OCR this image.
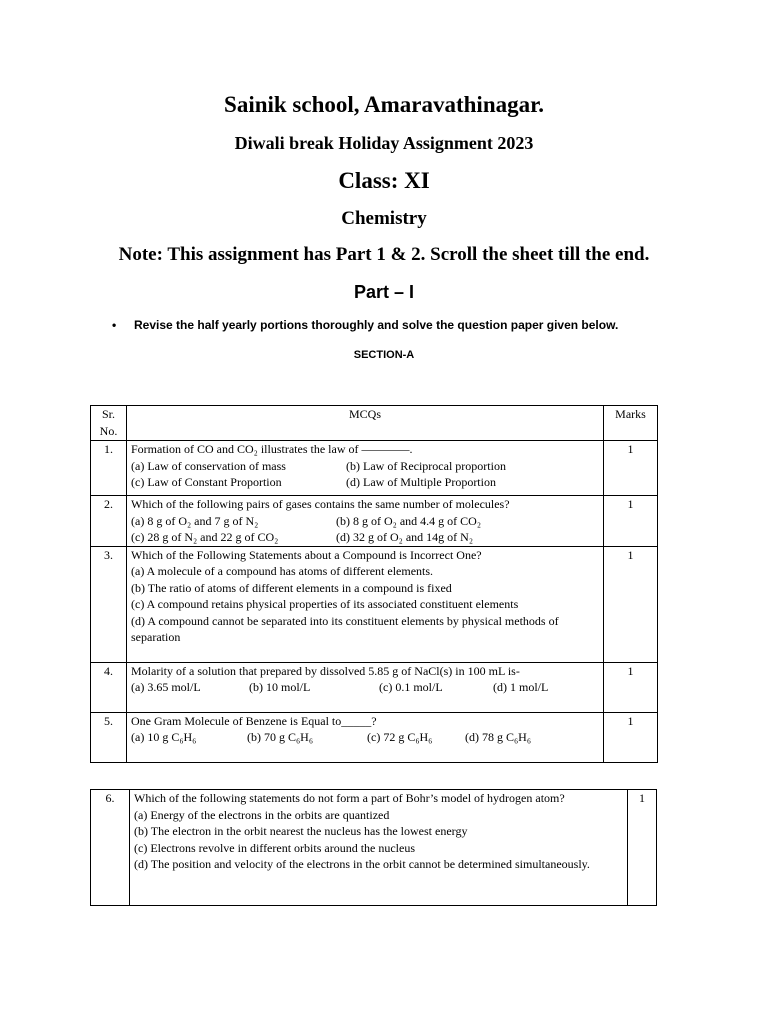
Sainik school, Amaravathinagar.
Diwali break Holiday Assignment 2023
Class: XI
Chemistry
Note: This assignment has Part 1 & 2. Scroll the sheet till the end.
Part – I
• Revise the half yearly portions thoroughly and solve the question paper given below.
SECTION-A
Sr. No.	MCQs	Marks
1.	Formation of CO and CO₂ illustrates the law of ————.
(a) Law of conservation of mass (b) Law of Reciprocal proportion
(c) Law of Constant Proportion (d) Law of Multiple Proportion	1
2.	Which of the following pairs of gases contains the same number of molecules?
(a) 8 g of O₂ and 7 g of N₂ (b) 8 g of O₂ and 4.4 g of CO₂
(c) 28 g of N₂ and 22 g of CO₂ (d) 32 g of O₂ and 14g of N₂	1
3.	Which of the Following Statements about a Compound is Incorrect One?
(a) A molecule of a compound has atoms of different elements.
(b) The ratio of atoms of different elements in a compound is fixed
(c) A compound retains physical properties of its associated constituent elements
(d) A compound cannot be separated into its constituent elements by physical methods of separation	1
4.	Molarity of a solution that prepared by dissolved 5.85 g of NaCl(s) in 100 mL is-
(a) 3.65 mol/L (b) 10 mol/L (c) 0.1 mol/L (d) 1 mol/L	1
5.	One Gram Molecule of Benzene is Equal to_____?
(a) 10 g C₆H₆ (b) 70 g C₆H₆ (c) 72 g C₆H₆ (d) 78 g C₆H₆	1
6.	Which of the following statements do not form a part of Bohr’s model of hydrogen atom?
(a) Energy of the electrons in the orbits are quantized
(b) The electron in the orbit nearest the nucleus has the lowest energy
(c) Electrons revolve in different orbits around the nucleus
(d) The position and velocity of the electrons in the orbit cannot be determined simultaneously.
	1
